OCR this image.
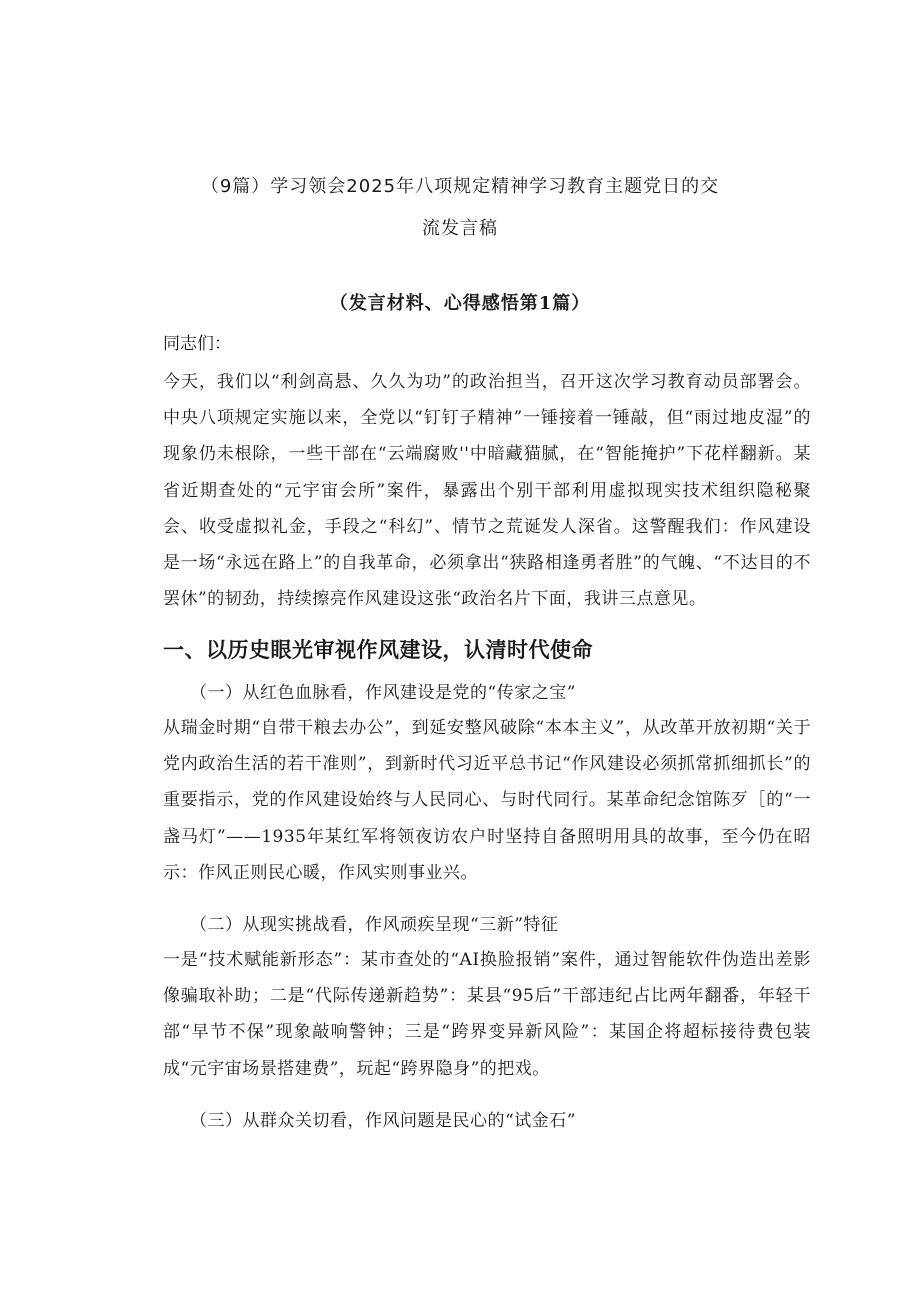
（9篇）学习领会2025年八项规定精神学习教育主题党日的交
流发言稿
（发言材料、心得感悟第1篇）
同志们：

今天，我们以“利剑高悬、久久为功”的政治担当，召开这次学习教育动员部署会。中央八项规定实施以来，全党以“钉钉子精神”一锤接着一锤敲，但“雨过地皮湿”的现象仍未根除，一些干部在“云端腐败''中暗藏猫腻，在“智能掩护”下花样翻新。某省近期查处的“元宇宙会所”案件，暴露出个别干部利用虚拟现实技术组织隐秘聚会、收受虚拟礼金，手段之“科幻”、情节之荒诞发人深省。这警醒我们：作风建设是一场“永远在路上”的自我革命，必须拿出“狭路相逢勇者胜”的气魄、“不达目的不罢休”的韧劲，持续擦亮作风建设这张“政治名片下面，我讲三点意见。

一、以历史眼光审视作风建设，认清时代使命
（一）从红色血脉看，作风建设是党的“传家之宝”

从瑞金时期“自带干粮去办公”，到延安整风破除“本本主义”，从改革开放初期“关于党内政治生活的若干准则”，到新时代习近平总书记“作风建设必须抓常抓细抓长”的重要指示，党的作风建设始终与人民同心、与时代同行。某革命纪念馆陈歹［的“一盏马灯”——1935年某红军将领夜访农户时坚持自备照明用具的故事，至今仍在昭示：作风正则民心暖，作风实则事业兴。

（二）从现实挑战看，作风顽疾呈现“三新”特征

一是“技术赋能新形态”：某市查处的“AI换脸报销”案件，通过智能软件伪造出差影像骗取补助；二是“代际传递新趋势”：某县“95后”干部违纪占比两年翻番，年轻干部“早节不保”现象敲响警钟；三是“跨界变异新风险”：某国企将超标接待费包装成“元宇宙场景搭建费”，玩起“跨界隐身”的把戏。

（三）从群众关切看，作风问题是民心的“试金石”
